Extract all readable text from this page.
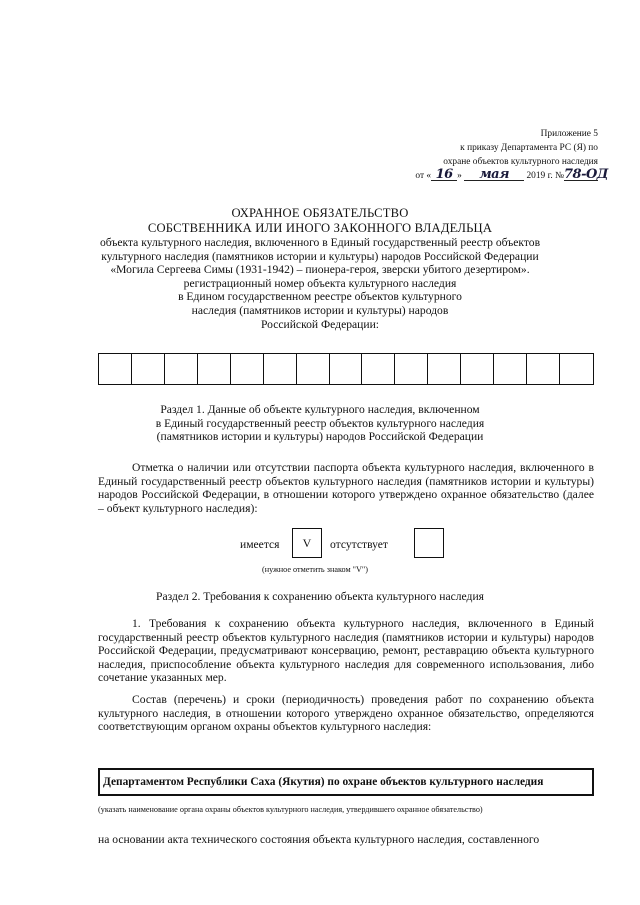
Приложение 5
к приказу Департамента РС (Я) по
охране объектов культурного наследия
от « 16 » мая 2019 г. №78-ОД
ОХРАННОЕ ОБЯЗАТЕЛЬСТВО
СОБСТВЕННИКА ИЛИ ИНОГО ЗАКОННОГО ВЛАДЕЛЬЦА
объекта культурного наследия, включенного в Единый государственный реестр объектов
культурного наследия (памятников истории и культуры) народов Российской Федерации
«Могила Сергеева Симы (1931-1942) – пионера-героя, зверски убитого дезертиром».
регистрационный номер объекта культурного наследия
в Едином государственном реестре объектов культурного
наследия (памятников истории и культуры) народов
Российской Федерации:
Раздел 1. Данные об объекте культурного наследия, включенном
в Единый государственный реестр объектов культурного наследия
(памятников истории и культуры) народов Российской Федерации
Отметка о наличии или отсутствии паспорта объекта культурного наследия, включенного в Единый государственный реестр объектов культурного наследия (памятников истории и культуры) народов Российской Федерации, в отношении которого утверждено охранное обязательство (далее – объект культурного наследия):
имеется	V	отсутствует
(нужное отметить знаком "V")
Раздел 2. Требования к сохранению объекта культурного наследия
1. Требования к сохранению объекта культурного наследия, включенного в Единый государственный реестр объектов культурного наследия (памятников истории и культуры) народов Российской Федерации, предусматривают консервацию, ремонт, реставрацию объекта культурного наследия, приспособление объекта культурного наследия для современного использования, либо сочетание указанных мер.
Состав (перечень) и сроки (периодичность) проведения работ по сохранению объекта культурного наследия, в отношении которого утверждено охранное обязательство, определяются соответствующим органом охраны объектов культурного наследия:
Департаментом Республики Саха (Якутия) по охране объектов культурного наследия
(указать наименование органа охраны объектов культурного наследия, утвердившего охранное обязательство)
на основании акта технического состояния объекта культурного наследия, составленного
